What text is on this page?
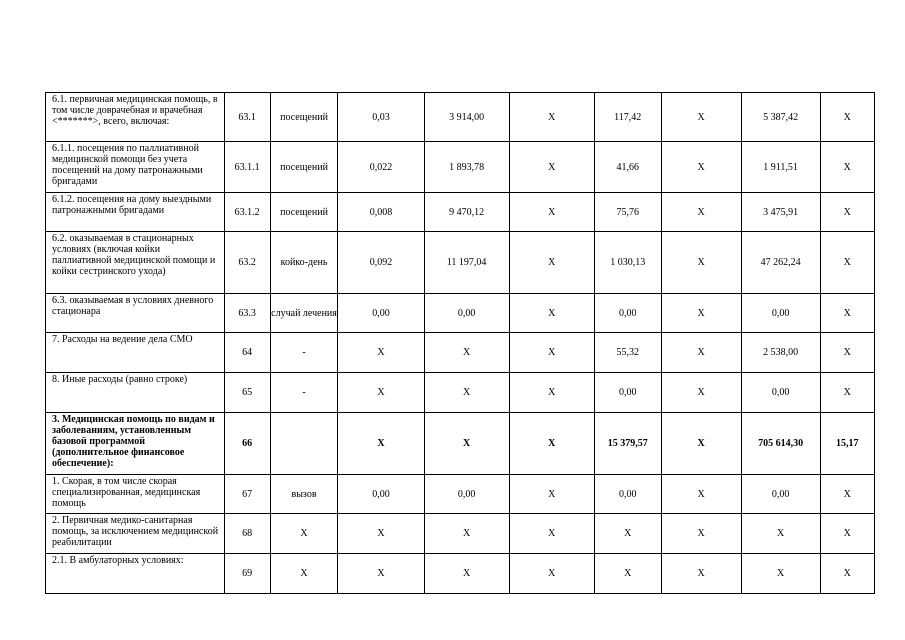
6.1. первичная медицинская помощь, в том числе доврачебная и врачебная <*******>, всего, включая:	63.1	посещений	0,03	3 914,00	X	117,42	X	5 387,42	X
6.1.1. посещения по паллиативной медицинской помощи без учета посещений на дому патронажными бригадами	63.1.1	посещений	0,022	1 893,78	X	41,66	X	1 911,51	X
6.1.2. посещения на дому выездными патронажными бригадами	63.1.2	посещений	0,008	9 470,12	X	75,76	X	3 475,91	X
6.2. оказываемая в стационарных условиях (включая койки паллиативной медицинской помощи и койки сестринского ухода)	63.2	койко-день	0,092	11 197,04	X	1 030,13	X	47 262,24	X
6.3. оказываемая в условиях дневного стационара	63.3	случай лечения	0,00	0,00	X	0,00	X	0,00	X
7. Расходы на ведение дела СМО	64	-	X	X	X	55,32	X	2 538,00	X
8. Иные расходы (равно строке)	65	-	X	X	X	0,00	X	0,00	X
3. Медицинская помощь по видам и заболеваниям, установленным базовой программой (дополнительное финансовое обеспечение):	66		X	X	X	15 379,57	X	705 614,30	15,17
1. Скорая, в том числе скорая специализированная, медицинская помощь	67	вызов	0,00	0,00	X	0,00	X	0,00	X
2. Первичная медико-санитарная помощь, за исключением медицинской реабилитации	68	X	X	X	X	X	X	X	X
2.1. В амбулаторных условиях:	69	X	X	X	X	X	X	X	X
